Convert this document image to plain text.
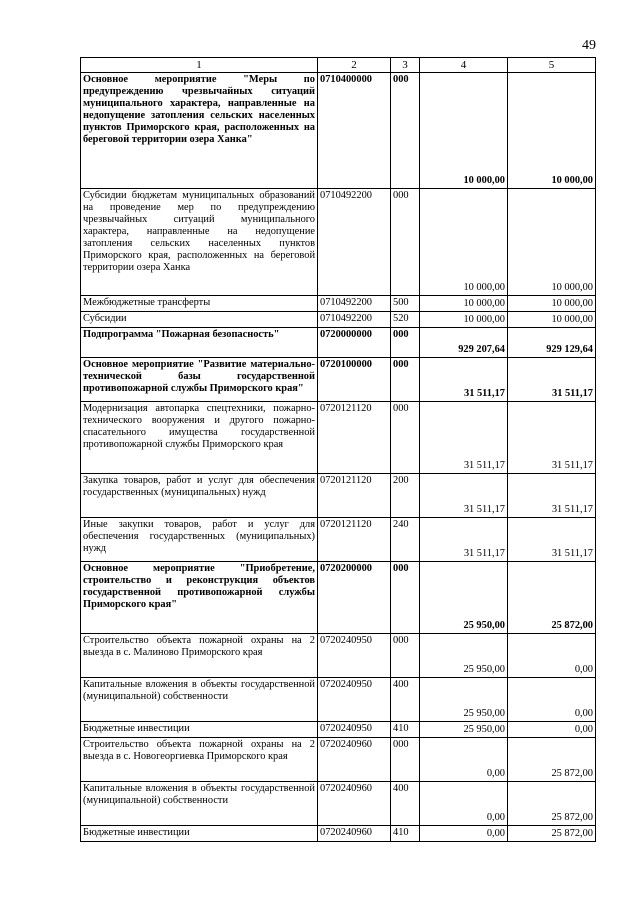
49
1	2	3	4	5
Основное мероприятие "Меры по предупреждению чрезвычайных ситуаций муниципального характера, направленные на недопущение затопления сельских населенных пунктов Приморского края, расположенных на береговой территории озера Ханка"	0710400000	000	10 000,00	10 000,00
Субсидии бюджетам муниципальных образований на проведение мер по предупреждению чрезвычайных ситуаций муниципального характера, направленные на недопущение затопления сельских населенных пунктов Приморского края, расположенных на береговой территории озера Ханка	0710492200	000	10 000,00	10 000,00
Межбюджетные трансферты	0710492200	500	10 000,00	10 000,00
Субсидии	0710492200	520	10 000,00	10 000,00
Подпрограмма "Пожарная безопасность"	0720000000	000	929 207,64	929 129,64
Основное мероприятие "Развитие материально-технической базы государственной противопожарной службы Приморского края"	0720100000	000	31 511,17	31 511,17
Модернизация автопарка спецтехники, пожарно-технического вооружения и другого пожарно-спасательного имущества государственной противопожарной службы Приморского края	0720121120	000	31 511,17	31 511,17
Закупка товаров, работ и услуг для обеспечения государственных (муниципальных) нужд	0720121120	200	31 511,17	31 511,17
Иные закупки товаров, работ и услуг для обеспечения государственных (муниципальных) нужд	0720121120	240	31 511,17	31 511,17
Основное мероприятие "Приобретение, строительство и реконструкция объектов государственной противопожарной службы Приморского края"	0720200000	000	25 950,00	25 872,00
Строительство объекта пожарной охраны на 2 выезда в с. Малиново Приморского края	0720240950	000	25 950,00	0,00
Капитальные вложения в объекты государственной (муниципальной) собственности	0720240950	400	25 950,00	0,00
Бюджетные инвестиции	0720240950	410	25 950,00	0,00
Строительство объекта пожарной охраны на 2 выезда в с. Новогеоргиевка Приморского края	0720240960	000	0,00	25 872,00
Капитальные вложения в объекты государственной (муниципальной) собственности	0720240960	400	0,00	25 872,00
Бюджетные инвестиции	0720240960	410	0,00	25 872,00
